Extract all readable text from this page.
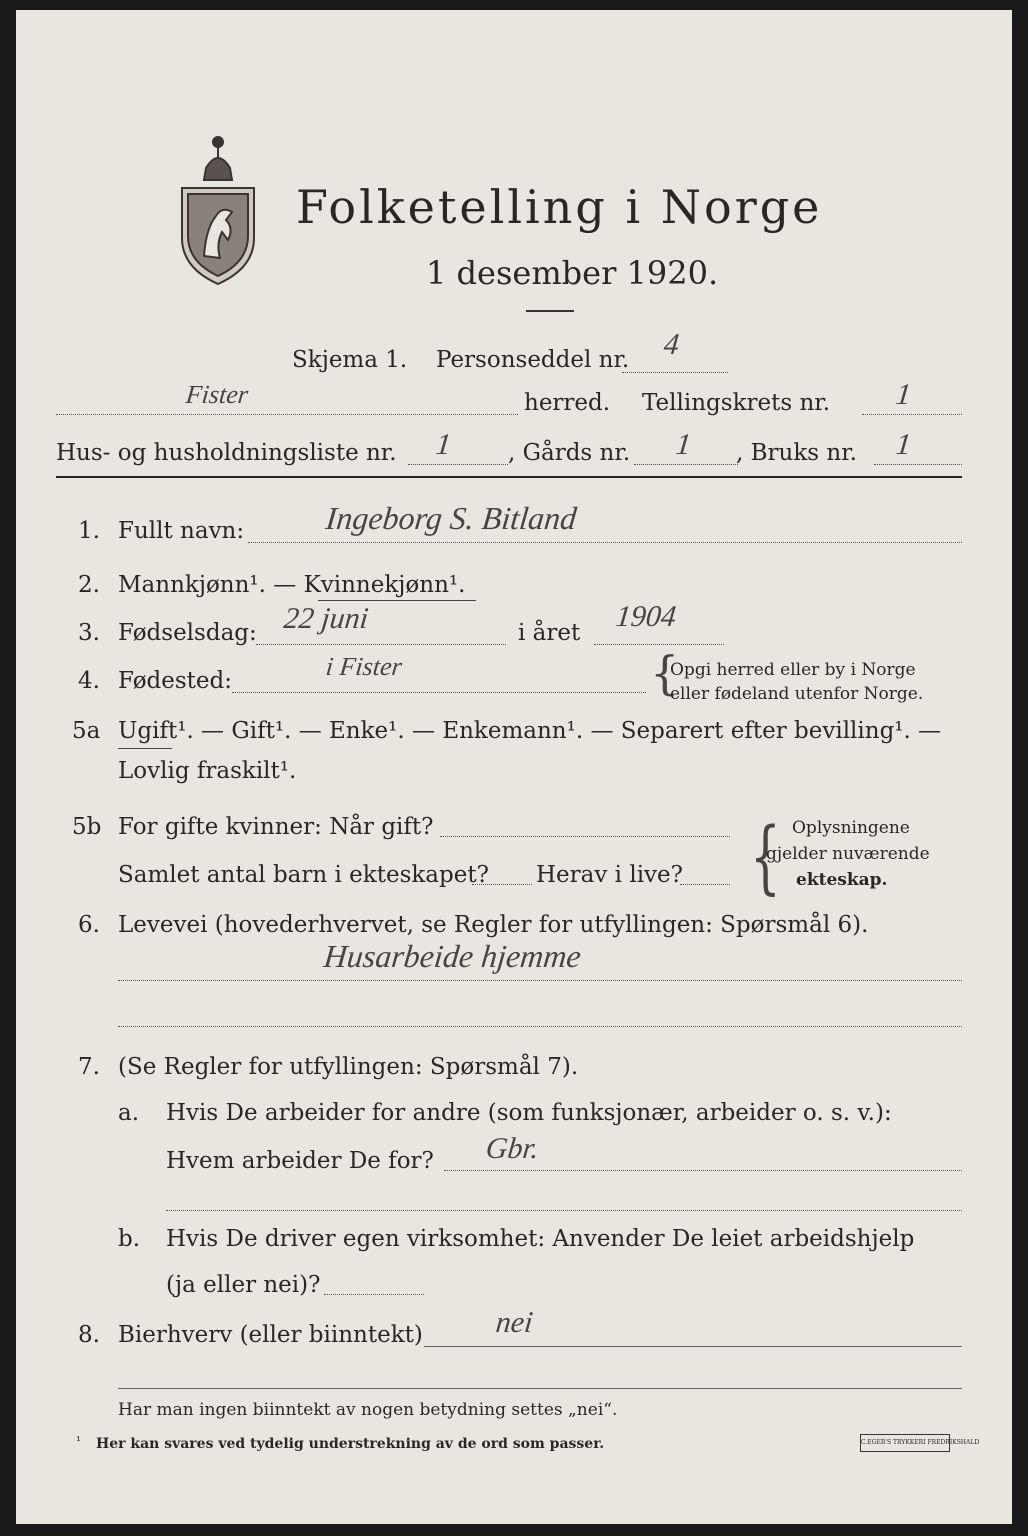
Folketelling i Norge
1 desember 1920.
Skjema 1. Personseddel nr. 4
Fister	herred. Tellingskrets nr. 1
Hus- og husholdningsliste nr. 1 , Gårds nr. 1 , Bruks nr. 1
1. Fullt navn:	Ingeborg S. Bitland
2. Mannkjønn¹. — Kvinnekjønn¹.
3. Fødselsdag: 22 juni	i året 1904
4. Fødested:	i Fister	{
Opgi herred eller by i Norge
eller fødeland utenfor Norge.
5a Ugift¹. — Gift¹. — Enke¹. — Enkemann¹. — Separert efter bevilling¹. —
Lovlig fraskilt¹.
5b For gifte kvinner: Når gift?
Samlet antal barn i ekteskapet? Herav i live? { Oplysningene
gjelder nuværende
ekteskap.
6. Levevei (hovederhvervet, se Regler for utfyllingen: Spørsmål 6).
Husarbeide hjemme
7. (Se Regler for utfyllingen: Spørsmål 7).
a. Hvis De arbeider for andre (som funksjonær, arbeider o. s. v.):
Hvem arbeider De for? Gbr.
b. Hvis De driver egen virksomhet: Anvender De leiet arbeidshjelp
(ja eller nei)?
8. Bierhverv (eller biinntekt) nei
Har man ingen biinntekt av nogen betydning settes „nei“.
¹ Her kan svares ved tydelig understrekning av de ord som passer.	C.EGER'S TRYKKERI FREDRIKSHALD
